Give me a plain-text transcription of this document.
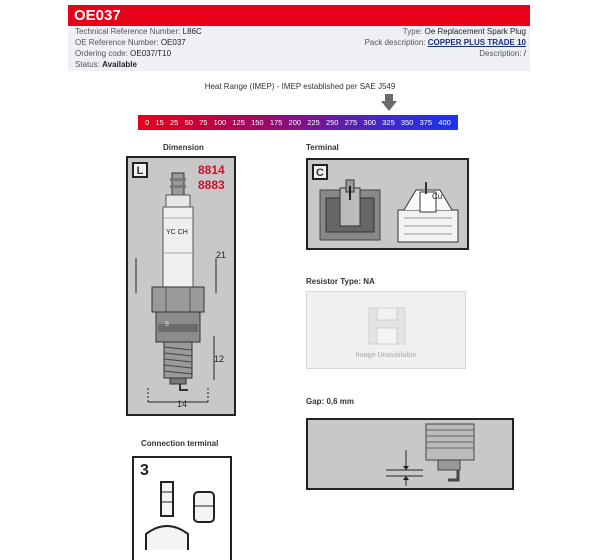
OE037
Technical Reference Number: L86C
OE Reference Number: OE037
Ordering code: OE037/T10
Status: Available
Type: Oe Replacement Spark Plug
Pack description: COPPER PLUS TRADE 10
Description: /
Heat Range (IMEP) - IMEP established per SAE J549
0 15 25 50 75 100 125 150 175 200 225 250 275 300 325 350 375 400
Dimension	Terminal
Resistor Type: NA
Gap: 0,6 mm
Connection terminal
L	8814
8883
YC CH
8
21
12
14
C
Cu
Image Unavailable
3
